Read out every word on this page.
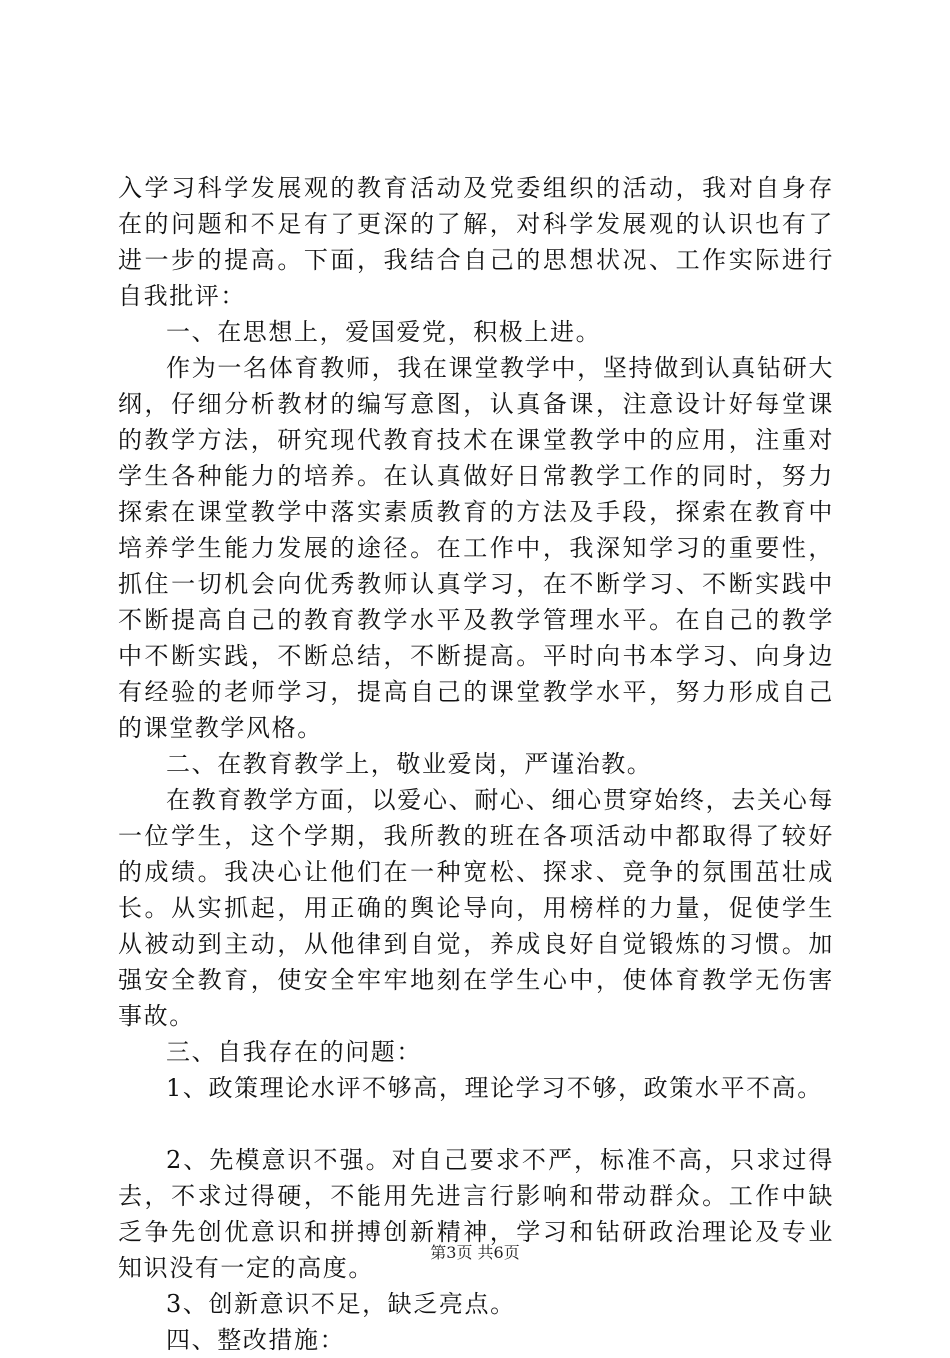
入学习科学发展观的教育活动及党委组织的活动，我对自身存在的问题和不足有了更深的了解，对科学发展观的认识也有了进一步的提高。下面，我结合自己的思想状况、工作实际进行自我批评：

一、在思想上，爱国爱党，积极上进。

作为一名体育教师，我在课堂教学中，坚持做到认真钻研大纲，仔细分析教材的编写意图，认真备课，注意设计好每堂课的教学方法，研究现代教育技术在课堂教学中的应用，注重对学生各种能力的培养。在认真做好日常教学工作的同时，努力探索在课堂教学中落实素质教育的方法及手段，探索在教育中培养学生能力发展的途径。在工作中，我深知学习的重要性，抓住一切机会向优秀教师认真学习，在不断学习、不断实践中不断提高自己的教育教学水平及教学管理水平。在自己的教学中不断实践，不断总结，不断提高。平时向书本学习、向身边有经验的老师学习，提高自己的课堂教学水平，努力形成自己的课堂教学风格。

二、在教育教学上，敬业爱岗，严谨治教。

在教育教学方面，以爱心、耐心、细心贯穿始终，去关心每一位学生，这个学期，我所教的班在各项活动中都取得了较好的成绩。我决心让他们在一种宽松、探求、竞争的氛围茁壮成长。从实抓起，用正确的舆论导向，用榜样的力量，促使学生从被动到主动，从他律到自觉，养成良好自觉锻炼的习惯。加强安全教育，使安全牢牢地刻在学生心中，使体育教学无伤害事故。

三、自我存在的问题：

1、政策理论水评不够高，理论学习不够，政策水平不高。

2、先模意识不强。对自己要求不严，标准不高，只求过得去，不求过得硬，不能用先进言行影响和带动群众。工作中缺乏争先创优意识和拼搏创新精神，学习和钻研政治理论及专业知识没有一定的高度。

3、创新意识不足，缺乏亮点。

四、整改措施：

第3页 共6页
